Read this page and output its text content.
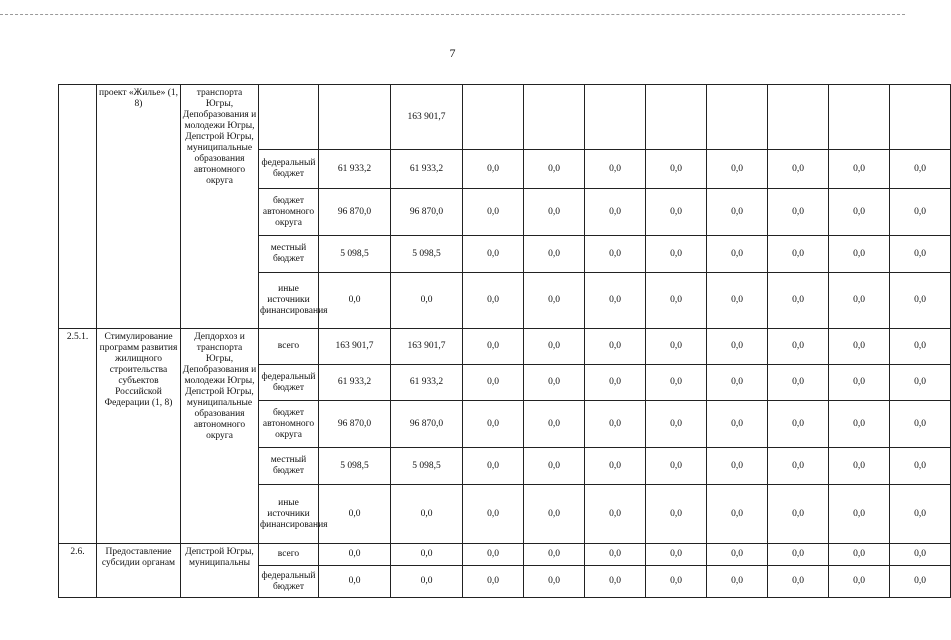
7
	проект «Жилье» (1, 8)	транспорта Югры, Депобразования и молодежи Югры, Депстрой Югры, муниципальные образования автономного округа			163 901,7								
			федеральный бюджет	61 933,2	61 933,2	0,0	0,0	0,0	0,0	0,0	0,0	0,0	0,0
			бюджет автономного округа	96 870,0	96 870,0	0,0	0,0	0,0	0,0	0,0	0,0	0,0	0,0
			местный бюджет	5 098,5	5 098,5	0,0	0,0	0,0	0,0	0,0	0,0	0,0	0,0
			иные источники финансирования	0,0	0,0	0,0	0,0	0,0	0,0	0,0	0,0	0,0	0,0
2.5.1.	Стимулирование программ развития жилищного строительства субъектов Российской Федерации (1, 8)	Депдорхоз и транспорта Югры, Депобразования и молодежи Югры, Депстрой Югры, муниципальные образования автономного округа	всего	163 901,7	163 901,7	0,0	0,0	0,0	0,0	0,0	0,0	0,0	0,0
			федеральный бюджет	61 933,2	61 933,2	0,0	0,0	0,0	0,0	0,0	0,0	0,0	0,0
			бюджет автономного округа	96 870,0	96 870,0	0,0	0,0	0,0	0,0	0,0	0,0	0,0	0,0
			местный бюджет	5 098,5	5 098,5	0,0	0,0	0,0	0,0	0,0	0,0	0,0	0,0
			иные источники финансирования	0,0	0,0	0,0	0,0	0,0	0,0	0,0	0,0	0,0	0,0
2.6.	Предоставление субсидии органам	Депстрой Югры, муниципальны	всего	0,0	0,0	0,0	0,0	0,0	0,0	0,0	0,0	0,0	0,0
			федеральный бюджет	0,0	0,0	0,0	0,0	0,0	0,0	0,0	0,0	0,0	0,0
